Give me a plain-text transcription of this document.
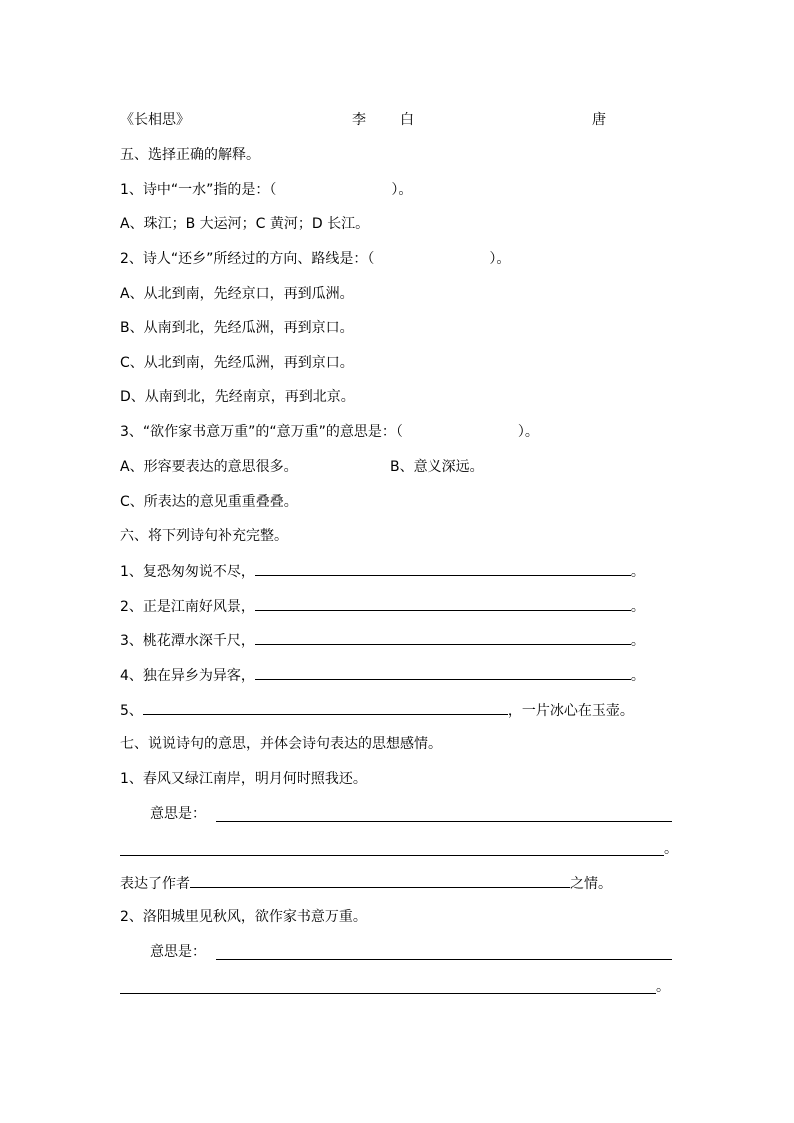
《长相思》	李 白	唐
五、选择正确的解释。
1、诗中“一水”指的是：（	）。
A、珠江；B 大运河；C 黄河；D 长江。
2、诗人“还乡”所经过的方向、路线是：（	）。
A、从北到南，先经京口，再到瓜洲。
B、从南到北，先经瓜洲，再到京口。
C、从北到南，先经瓜洲，再到京口。
D、从南到北，先经南京，再到北京。
3、“欲作家书意万重”的“意万重”的意思是：（	）。
A、形容要表达的意思很多。	B、意义深远。
C、所表达的意见重重叠叠。
六、将下列诗句补充完整。
1、复恐匆匆说不尽，	。
2、正是江南好风景，	。
3、桃花潭水深千尺，	。
4、独在异乡为异客，	。
5、	，一片冰心在玉壶。
七、说说诗句的意思，并体会诗句表达的思想感情。
1、春风又绿江南岸，明月何时照我还。
意思是：
。
表达了作者	之情。
2、洛阳城里见秋风，欲作家书意万重。
意思是：
。
